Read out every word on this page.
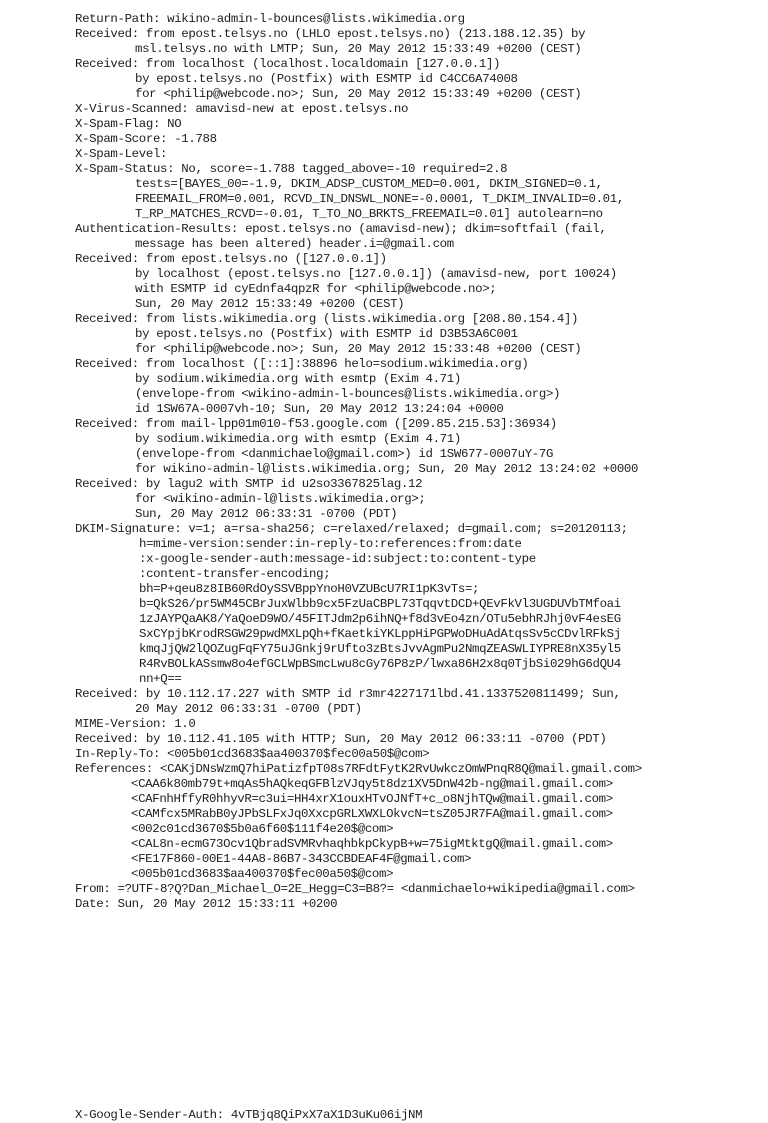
Return-Path: wikino-admin-l-bounces@lists.wikimedia.org
Received: from epost.telsys.no (LHLO epost.telsys.no) (213.188.12.35) by
msl.telsys.no with LMTP; Sun, 20 May 2012 15:33:49 +0200 (CEST)
Received: from localhost (localhost.localdomain [127.0.0.1])
by epost.telsys.no (Postfix) with ESMTP id C4CC6A74008
for <philip@webcode.no>; Sun, 20 May 2012 15:33:49 +0200 (CEST)
X-Virus-Scanned: amavisd-new at epost.telsys.no
X-Spam-Flag: NO
X-Spam-Score: -1.788
X-Spam-Level:
X-Spam-Status: No, score=-1.788 tagged_above=-10 required=2.8
tests=[BAYES_00=-1.9, DKIM_ADSP_CUSTOM_MED=0.001, DKIM_SIGNED=0.1,
FREEMAIL_FROM=0.001, RCVD_IN_DNSWL_NONE=-0.0001, T_DKIM_INVALID=0.01,
T_RP_MATCHES_RCVD=-0.01, T_TO_NO_BRKTS_FREEMAIL=0.01] autolearn=no
Authentication-Results: epost.telsys.no (amavisd-new); dkim=softfail (fail,
message has been altered) header.i=@gmail.com
Received: from epost.telsys.no ([127.0.0.1])
by localhost (epost.telsys.no [127.0.0.1]) (amavisd-new, port 10024)
with ESMTP id cyEdnfa4qpzR for <philip@webcode.no>;
Sun, 20 May 2012 15:33:49 +0200 (CEST)
Received: from lists.wikimedia.org (lists.wikimedia.org [208.80.154.4])
by epost.telsys.no (Postfix) with ESMTP id D3B53A6C001
for <philip@webcode.no>; Sun, 20 May 2012 15:33:48 +0200 (CEST)
Received: from localhost ([::1]:38896 helo=sodium.wikimedia.org)
by sodium.wikimedia.org with esmtp (Exim 4.71)
(envelope-from <wikino-admin-l-bounces@lists.wikimedia.org>)
id 1SW67A-0007vh-10; Sun, 20 May 2012 13:24:04 +0000
Received: from mail-lpp01m010-f53.google.com ([209.85.215.53]:36934)
by sodium.wikimedia.org with esmtp (Exim 4.71)
(envelope-from <danmichaelo@gmail.com>) id 1SW677-0007uY-7G
for wikino-admin-l@lists.wikimedia.org; Sun, 20 May 2012 13:24:02 +0000
Received: by lagu2 with SMTP id u2so3367825lag.12
for <wikino-admin-l@lists.wikimedia.org>;
Sun, 20 May 2012 06:33:31 -0700 (PDT)
DKIM-Signature: v=1; a=rsa-sha256; c=relaxed/relaxed; d=gmail.com; s=20120113;
h=mime-version:sender:in-reply-to:references:from:date
:x-google-sender-auth:message-id:subject:to:content-type
:content-transfer-encoding;
bh=P+qeu8z8IB60RdOySSVBppYnoH0VZUBcU7RI1pK3vTs=;
b=QkS26/pr5WM45CBrJuxWlbb9cx5FzUaCBPL73TqqvtDCD+QEvFkVl3UGDUVbTMfoai
1zJAYPQaAK8/YaQoeD9WO/45FITJdm2p6ihNQ+f8d3vEo4zn/OTu5ebhRJhj0vF4esEG
SxCYpjbKrodRSGW29pwdMXLpQh+fKaetkiYKLppHiPGPWoDHuAdAtqsSv5cCDvlRFkSj
kmqJjQW2lQOZugFqFY75uJGnkj9rUfto3zBtsJvvAgmPu2NmqZEASWLIYPRE8nX35yl5
R4RvBOLkASsmw8o4efGCLWpBSmcLwu8cGy76P8zP/lwxa86H2x8q0TjbSi029hG6dQU4
nn+Q==
Received: by 10.112.17.227 with SMTP id r3mr4227171lbd.41.1337520811499; Sun,
20 May 2012 06:33:31 -0700 (PDT)
MIME-Version: 1.0
Received: by 10.112.41.105 with HTTP; Sun, 20 May 2012 06:33:11 -0700 (PDT)
In-Reply-To: <005b01cd3683$aa400370$fec00a50$@com>
References: <CAKjDNsWzmQ7hiPatizfpT08s7RFdtFytK2RvUwkczOmWPnqR8Q@mail.gmail.com>
<CAA6k80mb79t+mqAs5hAQkeqGFBlzVJqy5t8dz1XV5DnW42b-ng@mail.gmail.com>
<CAFnhHffyR0hhyvR=c3ui=HH4xrX1ouxHTvOJNfT+c_o8NjhTQw@mail.gmail.com>
<CAMfcx5MRabB0yJPbSLFxJq0XxcpGRLXWXLOkvcN=tsZ05JR7FA@mail.gmail.com>
<002c01cd3670$5b0a6f60$111f4e20$@com>
<CAL8n-ecmG73Ocv1QbradSVMRvhaqhbkpCkypB+w=75igMtktgQ@mail.gmail.com>
<FE17F860-00E1-44A8-86B7-343CCBDEAF4F@gmail.com>
<005b01cd3683$aa400370$fec00a50$@com>
From: =?UTF-8?Q?Dan_Michael_O=2E_Hegg=C3=B8?= <danmichaelo+wikipedia@gmail.com>
Date: Sun, 20 May 2012 15:33:11 +0200
X-Google-Sender-Auth: 4vTBjq8QiPxX7aX1D3uKu06ijNM
